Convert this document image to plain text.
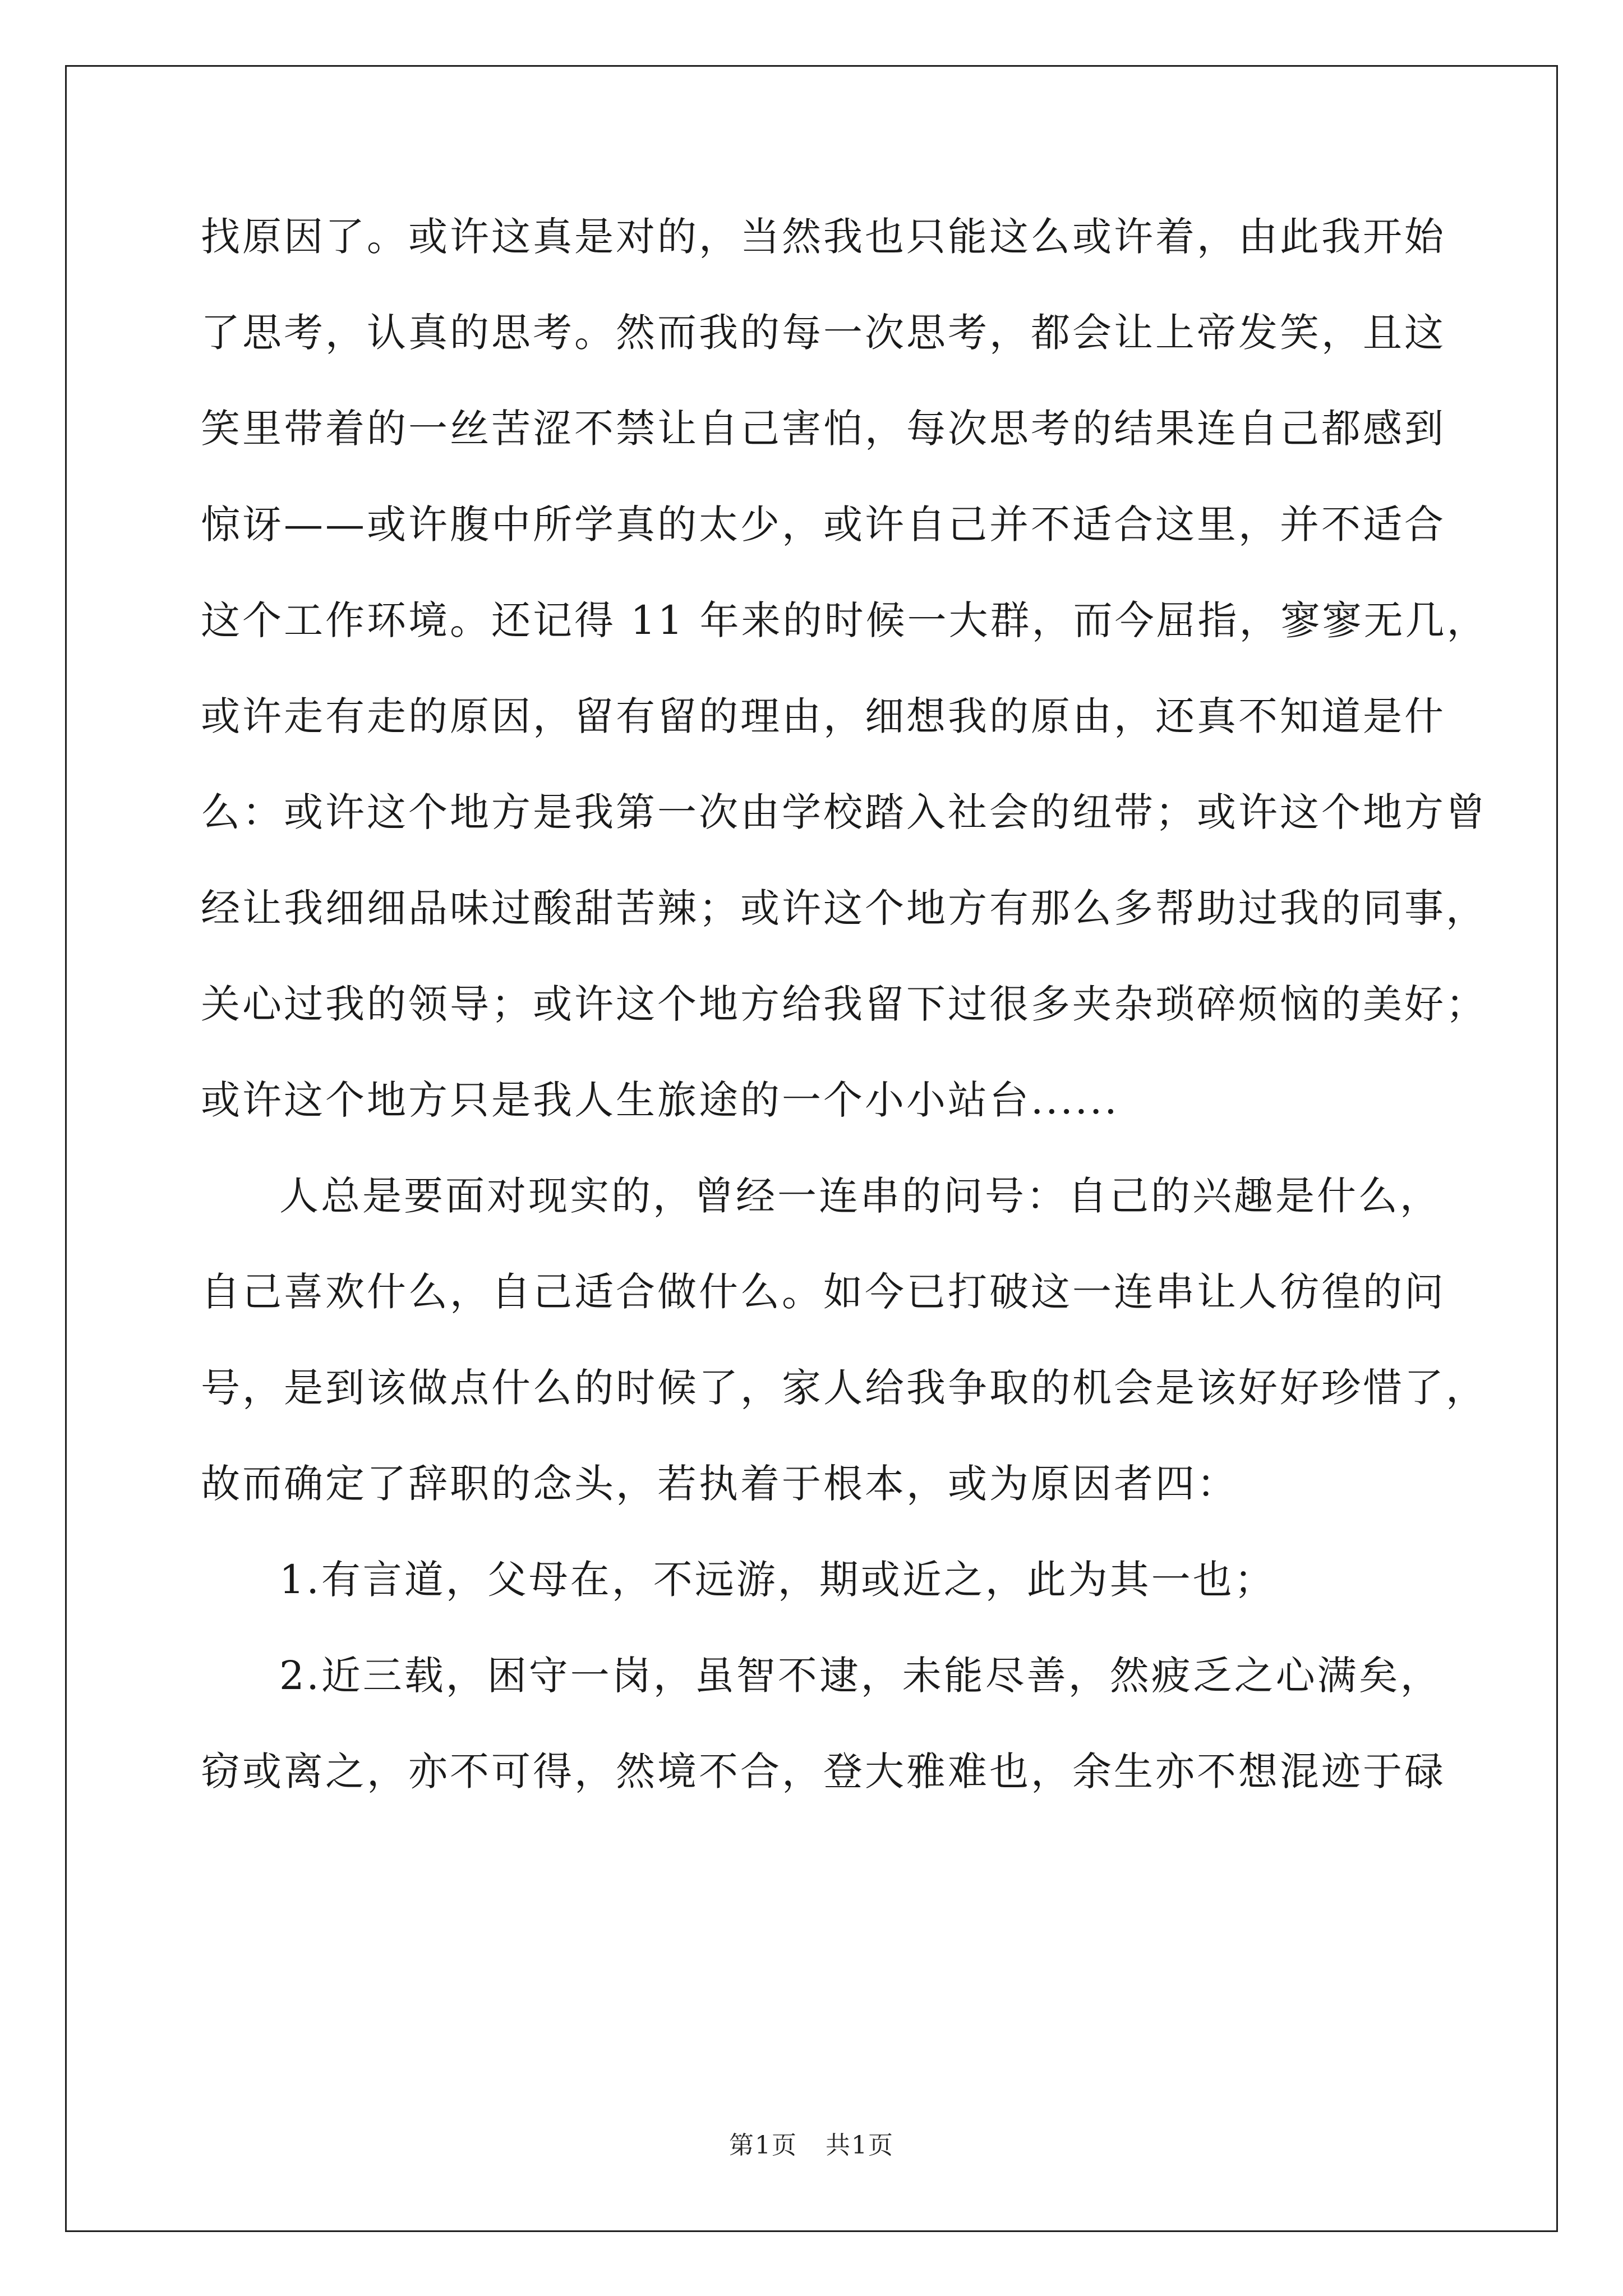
找原因了。或许这真是对的，当然我也只能这么或许着，由此我开始
了思考，认真的思考。然而我的每一次思考，都会让上帝发笑，且这
笑里带着的一丝苦涩不禁让自己害怕，每次思考的结果连自己都感到
惊讶——或许腹中所学真的太少，或许自己并不适合这里，并不适合
这个工作环境。还记得 11 年来的时候一大群，而今屈指，寥寥无几，
或许走有走的原因，留有留的理由，细想我的原由，还真不知道是什
么：或许这个地方是我第一次由学校踏入社会的纽带；或许这个地方曾
经让我细细品味过酸甜苦辣；或许这个地方有那么多帮助过我的同事，
关心过我的领导；或许这个地方给我留下过很多夹杂琐碎烦恼的美好；
或许这个地方只是我人生旅途的一个小小站台......
人总是要面对现实的，曾经一连串的问号：自己的兴趣是什么，
自己喜欢什么，自己适合做什么。如今已打破这一连串让人彷徨的问
号，是到该做点什么的时候了，家人给我争取的机会是该好好珍惜了，
故而确定了辞职的念头，若执着于根本，或为原因者四：
1.有言道，父母在，不远游，期或近之，此为其一也；
2.近三载，困守一岗，虽智不逮，未能尽善，然疲乏之心满矣，
窃或离之，亦不可得，然境不合，登大雅难也，余生亦不想混迹于碌
第1页 共1页
